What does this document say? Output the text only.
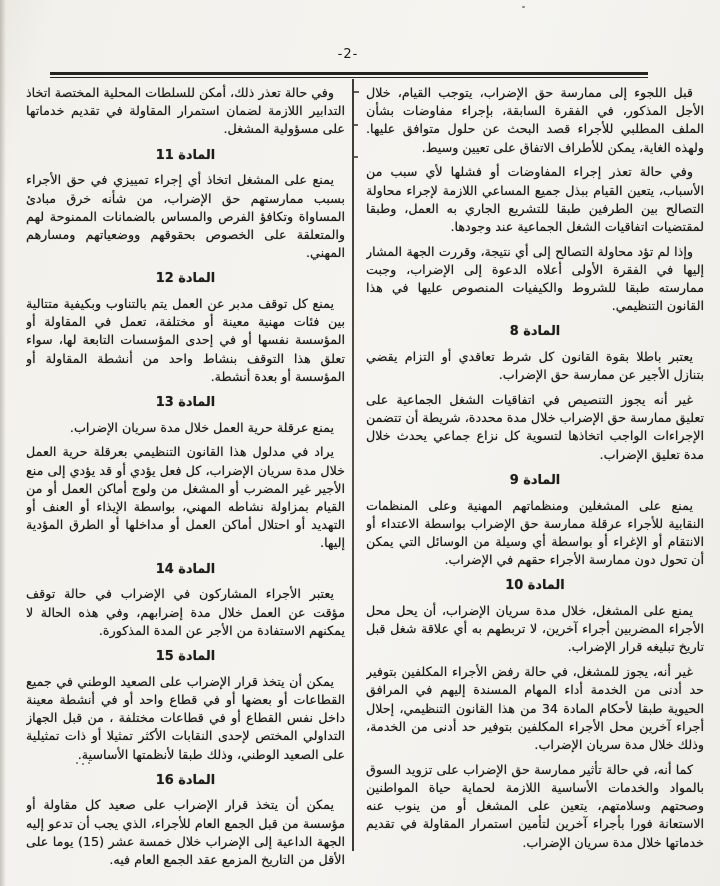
-2-

قبل اللجوء إلى ممارسة حق الإضراب، يتوجب القيام، خلال الأجل المذكور، في الفقرة السابقة، بإجراء مفاوضات بشأن الملف المطلبي للأجراء قصد البحث عن حلول متوافق عليها. ولهذه الغاية، يمكن للأطراف الاتفاق على تعيين وسيط.

وفي حالة تعذر إجراء المفاوضات أو فشلها لأي سبب من الأسباب، يتعين القيام ببذل جميع المساعي اللازمة لإجراء محاولة التصالح بين الطرفين طبقا للتشريع الجاري به العمل، وطبقا لمقتضيات اتفاقيات الشغل الجماعية عند وجودها.

وإذا لم تؤد محاولة التصالح إلى أي نتيجة، وقررت الجهة المشار إليها في الفقرة الأولى أعلاه الدعوة إلى الإضراب، وجبت ممارسته طبقا للشروط والكيفيات المنصوص عليها في هذا القانون التنظيمي.

المادة 8

يعتبر باطلا بقوة القانون كل شرط تعاقدي أو التزام يقضي بتنازل الأجير عن ممارسة حق الإضراب.

غير أنه يجوز التنصيص في اتفاقيات الشغل الجماعية على تعليق ممارسة حق الإضراب خلال مدة محددة، شريطة أن تتضمن الإجراءات الواجب اتخاذها لتسوية كل نزاع جماعي يحدث خلال مدة تعليق الإضراب.

المادة 9

يمنع على المشغلين ومنظماتهم المهنية وعلى المنظمات النقابية للأجراء عرقلة ممارسة حق الإضراب بواسطة الاعتداء أو الانتقام أو الإغراء أو بواسطة أي وسيلة من الوسائل التي يمكن أن تحول دون ممارسة الأجراء حقهم في الإضراب.

المادة 10

يمنع على المشغل، خلال مدة سريان الإضراب، أن يحل محل الأجراء المضربين أجراء آخرين، لا تربطهم به أي علاقة شغل قبل تاريخ تبليغه قرار الإضراب.

غير أنه، يجوز للمشغل، في حالة رفض الأجراء المكلفين بتوفير حد أدنى من الخدمة أداء المهام المسندة إليهم في المرافق الحيوية طبقا لأحكام المادة 34 من هذا القانون التنظيمي، إحلال أجراء آخرين محل الأجراء المكلفين بتوفير حد أدنى من الخدمة، وذلك خلال مدة سريان الإضراب.

كما أنه، في حالة تأثير ممارسة حق الإضراب على تزويد السوق بالمواد والخدمات الأساسية اللازمة لحماية حياة المواطنين وصحتهم وسلامتهم، يتعين على المشغل أو من ينوب عنه الاستعانة فورا بأجراء آخرين لتأمين استمرار المقاولة في تقديم خدماتها خلال مدة سريان الإضراب.

وفي حالة تعذر ذلك، أمكن للسلطات المحلية المختصة اتخاذ التدابير اللازمة لضمان استمرار المقاولة في تقديم خدماتها على مسؤولية المشغل.

المادة 11

يمنع على المشغل اتخاذ أي إجراء تمييزي في حق الأجراء بسبب ممارستهم حق الإضراب، من شأنه خرق مبادئ المساواة وتكافؤ الفرص والمساس بالضمانات الممنوحة لهم والمتعلقة على الخصوص بحقوقهم ووضعياتهم ومسارهم المهني.

المادة 12

يمنع كل توقف مدبر عن العمل يتم بالتناوب وبكيفية متتالية بين فئات مهنية معينة أو مختلفة، تعمل في المقاولة أو المؤسسة نفسها أو في إحدى المؤسسات التابعة لها، سواء تعلق هذا التوقف بنشاط واحد من أنشطة المقاولة أو المؤسسة أو بعدة أنشطة.

المادة 13

يمنع عرقلة حرية العمل خلال مدة سريان الإضراب.

يراد في مدلول هذا القانون التنظيمي بعرقلة حرية العمل خلال مدة سريان الإضراب، كل فعل يؤدي أو قد يؤدي إلى منع الأجير غير المضرب أو المشغل من ولوج أماكن العمل أو من القيام بمزاولة نشاطه المهني، بواسطة الإيذاء أو العنف أو التهديد أو احتلال أماكن العمل أو مداخلها أو الطرق المؤدية إليها.

المادة 14

يعتبر الأجراء المشاركون في الإضراب في حالة توقف مؤقت عن العمل خلال مدة إضرابهم، وفي هذه الحالة لا يمكنهم الاستفادة من الأجر عن المدة المذكورة.

المادة 15

يمكن أن يتخذ قرار الإضراب على الصعيد الوطني في جميع القطاعات أو بعضها أو في قطاع واحد أو في أنشطة معينة داخل نفس القطاع أو في قطاعات مختلفة ، من قبل الجهاز التداولي المختص لإحدى النقابات الأكثر تمثيلا أو ذات تمثيلية على الصعيد الوطني، وذلك طبقا لأنظمتها الأساسية.

المادة 16

يمكن أن يتخذ قرار الإضراب على صعيد كل مقاولة أو مؤسسة من قبل الجمع العام للأجراء، الذي يجب أن تدعو إليه الجهة الداعية إلى الإضراب خلال خمسة عشر (15) يوما على الأقل من التاريخ المزمع عقد الجمع العام فيه.
